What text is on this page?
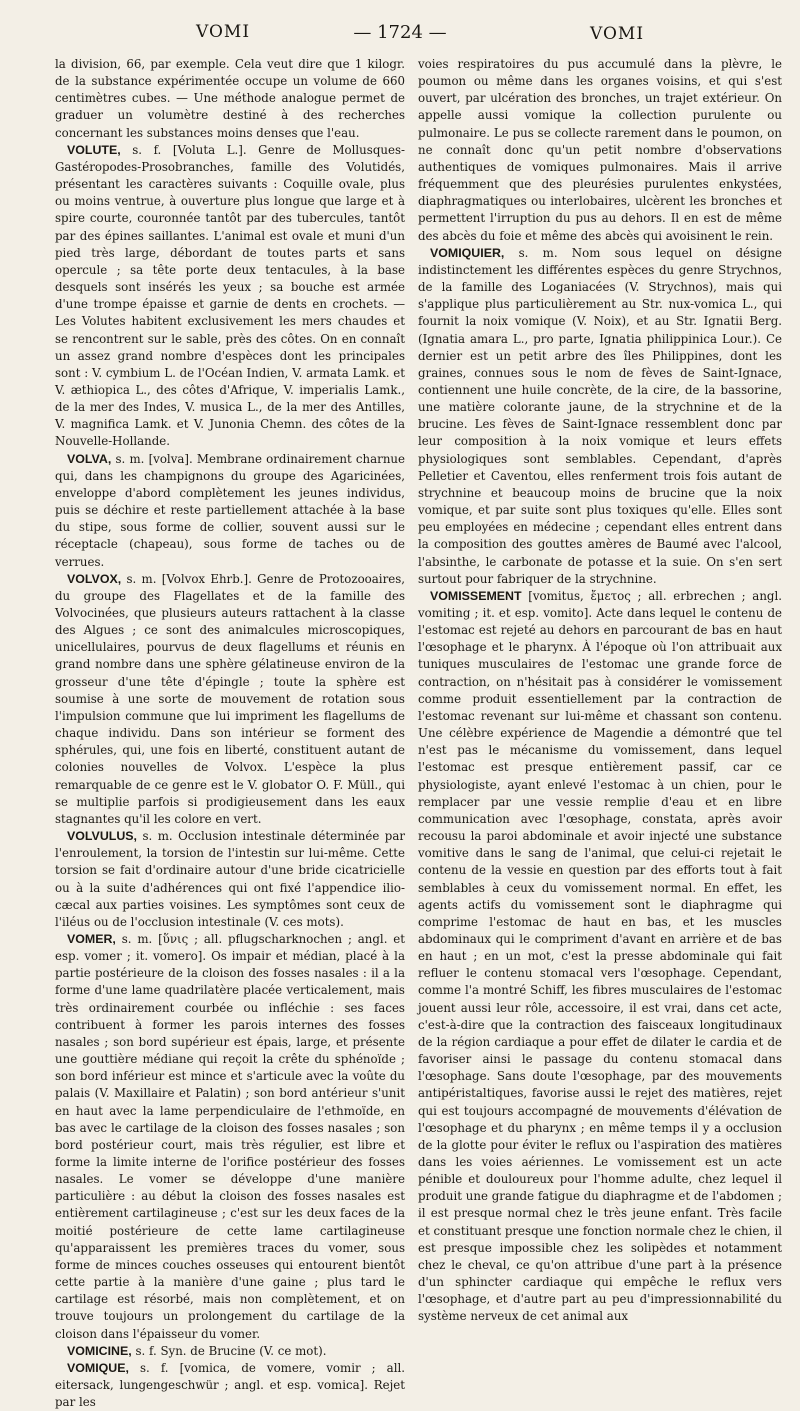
— 1724 —
VOMI	VOMI

la division, 66, par exemple. Cela veut dire que 1 kilogr. de la substance expérimentée occupe un volume de 660 centimètres cubes. — Une méthode analogue permet de graduer un volumètre destiné à des recherches concernant les substances moins denses que l'eau.

VOLUTE, s. f. [Voluta L.]. Genre de Mollusques-Gastéropodes-Prosobranches, famille des Volutidés, présentant les caractères suivants : Coquille ovale, plus ou moins ventrue, à ouverture plus longue que large et à spire courte, couronnée tantôt par des tubercules, tantôt par des épines saillantes. L'animal est ovale et muni d'un pied très large, débordant de toutes parts et sans opercule ; sa tête porte deux tentacules, à la base desquels sont insérés les yeux ; sa bouche est armée d'une trompe épaisse et garnie de dents en crochets. — Les Volutes habitent exclusivement les mers chaudes et se rencontrent sur le sable, près des côtes. On en connaît un assez grand nombre d'espèces dont les principales sont : V. cymbium L. de l'Océan Indien, V. armata Lamk. et V. æthiopica L., des côtes d'Afrique, V. imperialis Lamk., de la mer des Indes, V. musica L., de la mer des Antilles, V. magnifica Lamk. et V. Junonia Chemn. des côtes de la Nouvelle-Hollande.

VOLVA, s. m. [volva]. Membrane ordinairement charnue qui, dans les champignons du groupe des Agaricinées, enveloppe d'abord complètement les jeunes individus, puis se déchire et reste partiellement attachée à la base du stipe, sous forme de collier, souvent aussi sur le réceptacle (chapeau), sous forme de taches ou de verrues.

VOLVOX, s. m. [Volvox Ehrb.]. Genre de Protozooaires, du groupe des Flagellates et de la famille des Volvocinées, que plusieurs auteurs rattachent à la classe des Algues ; ce sont des animalcules microscopiques, unicellulaires, pourvus de deux flagellums et réunis en grand nombre dans une sphère gélatineuse environ de la grosseur d'une tête d'épingle ; toute la sphère est soumise à une sorte de mouvement de rotation sous l'impulsion commune que lui impriment les flagellums de chaque individu. Dans son intérieur se forment des sphérules, qui, une fois en liberté, constituent autant de colonies nouvelles de Volvox. L'espèce la plus remarquable de ce genre est le V. globator O. F. Müll., qui se multiplie parfois si prodigieusement dans les eaux stagnantes qu'il les colore en vert.

VOLVULUS, s. m. Occlusion intestinale déterminée par l'enroulement, la torsion de l'intestin sur lui-même. Cette torsion se fait d'ordinaire autour d'une bride cicatricielle ou à la suite d'adhérences qui ont fixé l'appendice ilio-cæcal aux parties voisines. Les symptômes sont ceux de l'iléus ou de l'occlusion intestinale (V. ces mots).

VOMER, s. m. [ὕνις ; all. pflugscharknochen ; angl. et esp. vomer ; it. vomero]. Os impair et médian, placé à la partie postérieure de la cloison des fosses nasales : il a la forme d'une lame quadrilatère placée verticalement, mais très ordinairement courbée ou infléchie : ses faces contribuent à former les parois internes des fosses nasales ; son bord supérieur est épais, large, et présente une gouttière médiane qui reçoit la crête du sphénoïde ; son bord inférieur est mince et s'articule avec la voûte du palais (V. Maxillaire et Palatin) ; son bord antérieur s'unit en haut avec la lame perpendiculaire de l'ethmoïde, en bas avec le cartilage de la cloison des fosses nasales ; son bord postérieur court, mais très régulier, est libre et forme la limite interne de l'orifice postérieur des fosses nasales. Le vomer se développe d'une manière particulière : au début la cloison des fosses nasales est entièrement cartilagineuse ; c'est sur les deux faces de la moitié postérieure de cette lame cartilagineuse qu'apparaissent les premières traces du vomer, sous forme de minces couches osseuses qui entourent bientôt cette partie à la manière d'une gaine ; plus tard le cartilage est résorbé, mais non complètement, et on trouve toujours un prolongement du cartilage de la cloison dans l'épaisseur du vomer.

VOMICINE, s. f. Syn. de Brucine (V. ce mot).

VOMIQUE, s. f. [vomica, de vomere, vomir ; all. eitersack, lungengeschwür ; angl. et esp. vomica]. Rejet par les

voies respiratoires du pus accumulé dans la plèvre, le poumon ou même dans les organes voisins, et qui s'est ouvert, par ulcération des bronches, un trajet extérieur. On appelle aussi vomique la collection purulente ou pulmonaire. Le pus se collecte rarement dans le poumon, on ne connaît donc qu'un petit nombre d'observations authentiques de vomiques pulmonaires. Mais il arrive fréquemment que des pleurésies purulentes enkystées, diaphragmatiques ou interlobaires, ulcèrent les bronches et permettent l'irruption du pus au dehors. Il en est de même des abcès du foie et même des abcès qui avoisinent le rein.

VOMIQUIER, s. m. Nom sous lequel on désigne indistinctement les différentes espèces du genre Strychnos, de la famille des Loganiacées (V. Strychnos), mais qui s'applique plus particulièrement au Str. nux-vomica L., qui fournit la noix vomique (V. Noix), et au Str. Ignatii Berg. (Ignatia amara L., pro parte, Ignatia philippinica Lour.). Ce dernier est un petit arbre des îles Philippines, dont les graines, connues sous le nom de fèves de Saint-Ignace, contiennent une huile concrète, de la cire, de la bassorine, une matière colorante jaune, de la strychnine et de la brucine. Les fèves de Saint-Ignace ressemblent donc par leur composition à la noix vomique et leurs effets physiologiques sont semblables. Cependant, d'après Pelletier et Caventou, elles renferment trois fois autant de strychnine et beaucoup moins de brucine que la noix vomique, et par suite sont plus toxiques qu'elle. Elles sont peu employées en médecine ; cependant elles entrent dans la composition des gouttes amères de Baumé avec l'alcool, l'absinthe, le carbonate de potasse et la suie. On s'en sert surtout pour fabriquer de la strychnine.

VOMISSEMENT [vomitus, ἔμετος ; all. erbrechen ; angl. vomiting ; it. et esp. vomito]. Acte dans lequel le contenu de l'estomac est rejeté au dehors en parcourant de bas en haut l'œsophage et le pharynx. À l'époque où l'on attribuait aux tuniques musculaires de l'estomac une grande force de contraction, on n'hésitait pas à considérer le vomissement comme produit essentiellement par la contraction de l'estomac revenant sur lui-même et chassant son contenu. Une célèbre expérience de Magendie a démontré que tel n'est pas le mécanisme du vomissement, dans lequel l'estomac est presque entièrement passif, car ce physiologiste, ayant enlevé l'estomac à un chien, pour le remplacer par une vessie remplie d'eau et en libre communication avec l'œsophage, constata, après avoir recousu la paroi abdominale et avoir injecté une substance vomitive dans le sang de l'animal, que celui-ci rejetait le contenu de la vessie en question par des efforts tout à fait semblables à ceux du vomissement normal. En effet, les agents actifs du vomissement sont le diaphragme qui comprime l'estomac de haut en bas, et les muscles abdominaux qui le compriment d'avant en arrière et de bas en haut ; en un mot, c'est la presse abdominale qui fait refluer le contenu stomacal vers l'œsophage. Cependant, comme l'a montré Schiff, les fibres musculaires de l'estomac jouent aussi leur rôle, accessoire, il est vrai, dans cet acte, c'est-à-dire que la contraction des faisceaux longitudinaux de la région cardiaque a pour effet de dilater le cardia et de favoriser ainsi le passage du contenu stomacal dans l'œsophage. Sans doute l'œsophage, par des mouvements antipéristaltiques, favorise aussi le rejet des matières, rejet qui est toujours accompagné de mouvements d'élévation de l'œsophage et du pharynx ; en même temps il y a occlusion de la glotte pour éviter le reflux ou l'aspiration des matières dans les voies aériennes. Le vomissement est un acte pénible et douloureux pour l'homme adulte, chez lequel il produit une grande fatigue du diaphragme et de l'abdomen ; il est presque normal chez le très jeune enfant. Très facile et constituant presque une fonction normale chez le chien, il est presque impossible chez les solipèdes et notamment chez le cheval, ce qu'on attribue d'une part à la présence d'un sphincter cardiaque qui empêche le reflux vers l'œsophage, et d'autre part au peu d'impressionnabilité du système nerveux de cet animal aux
